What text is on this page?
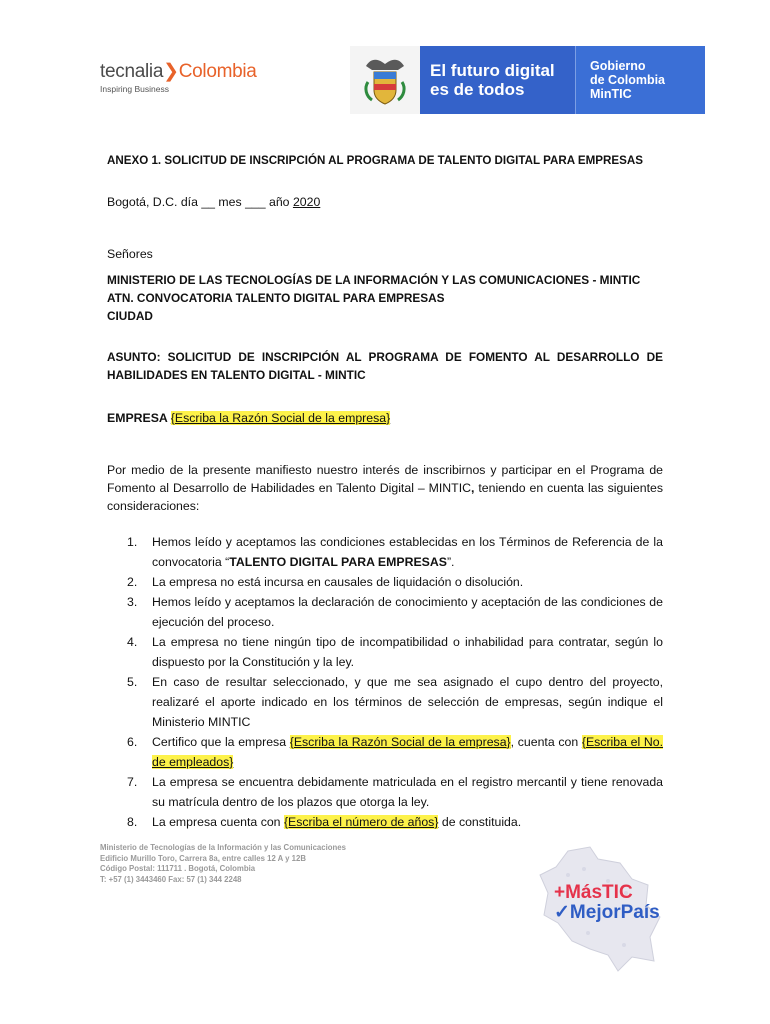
tecnalia❯Colombia
Inspiring Business
El futuro digital
es de todos
Gobierno
de Colombia
MinTIC
ANEXO 1. SOLICITUD DE INSCRIPCIÓN AL PROGRAMA DE TALENTO DIGITAL PARA EMPRESAS
Bogotá, D.C. día __ mes ___ año 2020
Señores
MINISTERIO DE LAS TECNOLOGÍAS DE LA INFORMACIÓN Y LAS COMUNICACIONES - MINTIC
ATN. CONVOCATORIA TALENTO DIGITAL PARA EMPRESAS
CIUDAD
ASUNTO: SOLICITUD DE INSCRIPCIÓN AL PROGRAMA DE FOMENTO AL DESARROLLO DE HABILIDADES EN TALENTO DIGITAL - MINTIC
EMPRESA {Escriba la Razón Social de la empresa}
Por medio de la presente manifiesto nuestro interés de inscribirnos y participar en el Programa de Fomento al Desarrollo de Habilidades en Talento Digital – MINTIC, teniendo en cuenta las siguientes consideraciones:
1. Hemos leído y aceptamos las condiciones establecidas en los Términos de Referencia de la convocatoria “TALENTO DIGITAL PARA EMPRESAS”.
2. La empresa no está incursa en causales de liquidación o disolución.
3. Hemos leído y aceptamos la declaración de conocimiento y aceptación de las condiciones de ejecución del proceso.
4. La empresa no tiene ningún tipo de incompatibilidad o inhabilidad para contratar, según lo dispuesto por la Constitución y la ley.
5. En caso de resultar seleccionado, y que me sea asignado el cupo dentro del proyecto, realizaré el aporte indicado en los términos de selección de empresas, según indique el Ministerio MINTIC
6. Certifico que la empresa {Escriba la Razón Social de la empresa}, cuenta con {Escriba el No. de empleados}
7. La empresa se encuentra debidamente matriculada en el registro mercantil y tiene renovada su matrícula dentro de los plazos que otorga la ley.
8. La empresa cuenta con {Escriba el número de años} de constituida.
Ministerio de Tecnologías de la Información y las Comunicaciones
Edificio Murillo Toro, Carrera 8a, entre calles 12 A y 12B
Código Postal: 111711 . Bogotá, Colombia
T: +57 (1) 3443460 Fax: 57 (1) 344 2248
+MásTIC
✓MejorPaís
